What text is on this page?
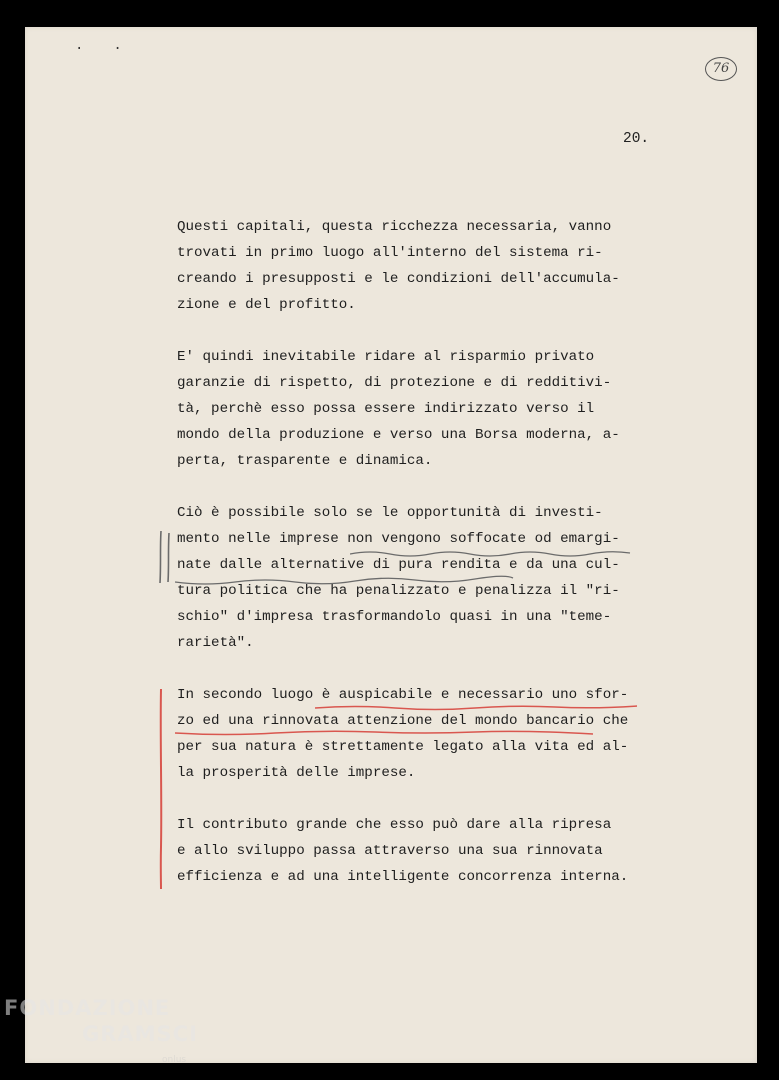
··
76
20.
Questi capitali, questa ricchezza necessaria, vanno
trovati in primo luogo all'interno del sistema ri-
creando i presupposti e le condizioni dell'accumula-
zione e del profitto.
E' quindi inevitabile ridare al risparmio privato
garanzie di rispetto, di protezione e di redditivi-
tà, perchè esso possa essere indirizzato verso il
mondo della produzione e verso una Borsa moderna, a-
perta, trasparente e dinamica.
Ciò è possibile solo se le opportunità di investi-
mento nelle imprese non vengono soffocate od emargi-
nate dalle alternative di pura rendita e da una cul-
tura politica che ha penalizzato e penalizza il "ri-
schio" d'impresa trasformandolo quasi in una "teme-
rarietà".
In secondo luogo è auspicabile e necessario uno sfor-
zo ed una rinnovata attenzione del mondo bancario che
per sua natura è strettamente legato alla vita ed al-
la prosperità delle imprese.
Il contributo grande che esso può dare alla ripresa
e allo sviluppo passa attraverso una sua rinnovata
efficienza e ad una intelligente concorrenza interna.
FONDAZIONE
GRAMSCI
onlus
